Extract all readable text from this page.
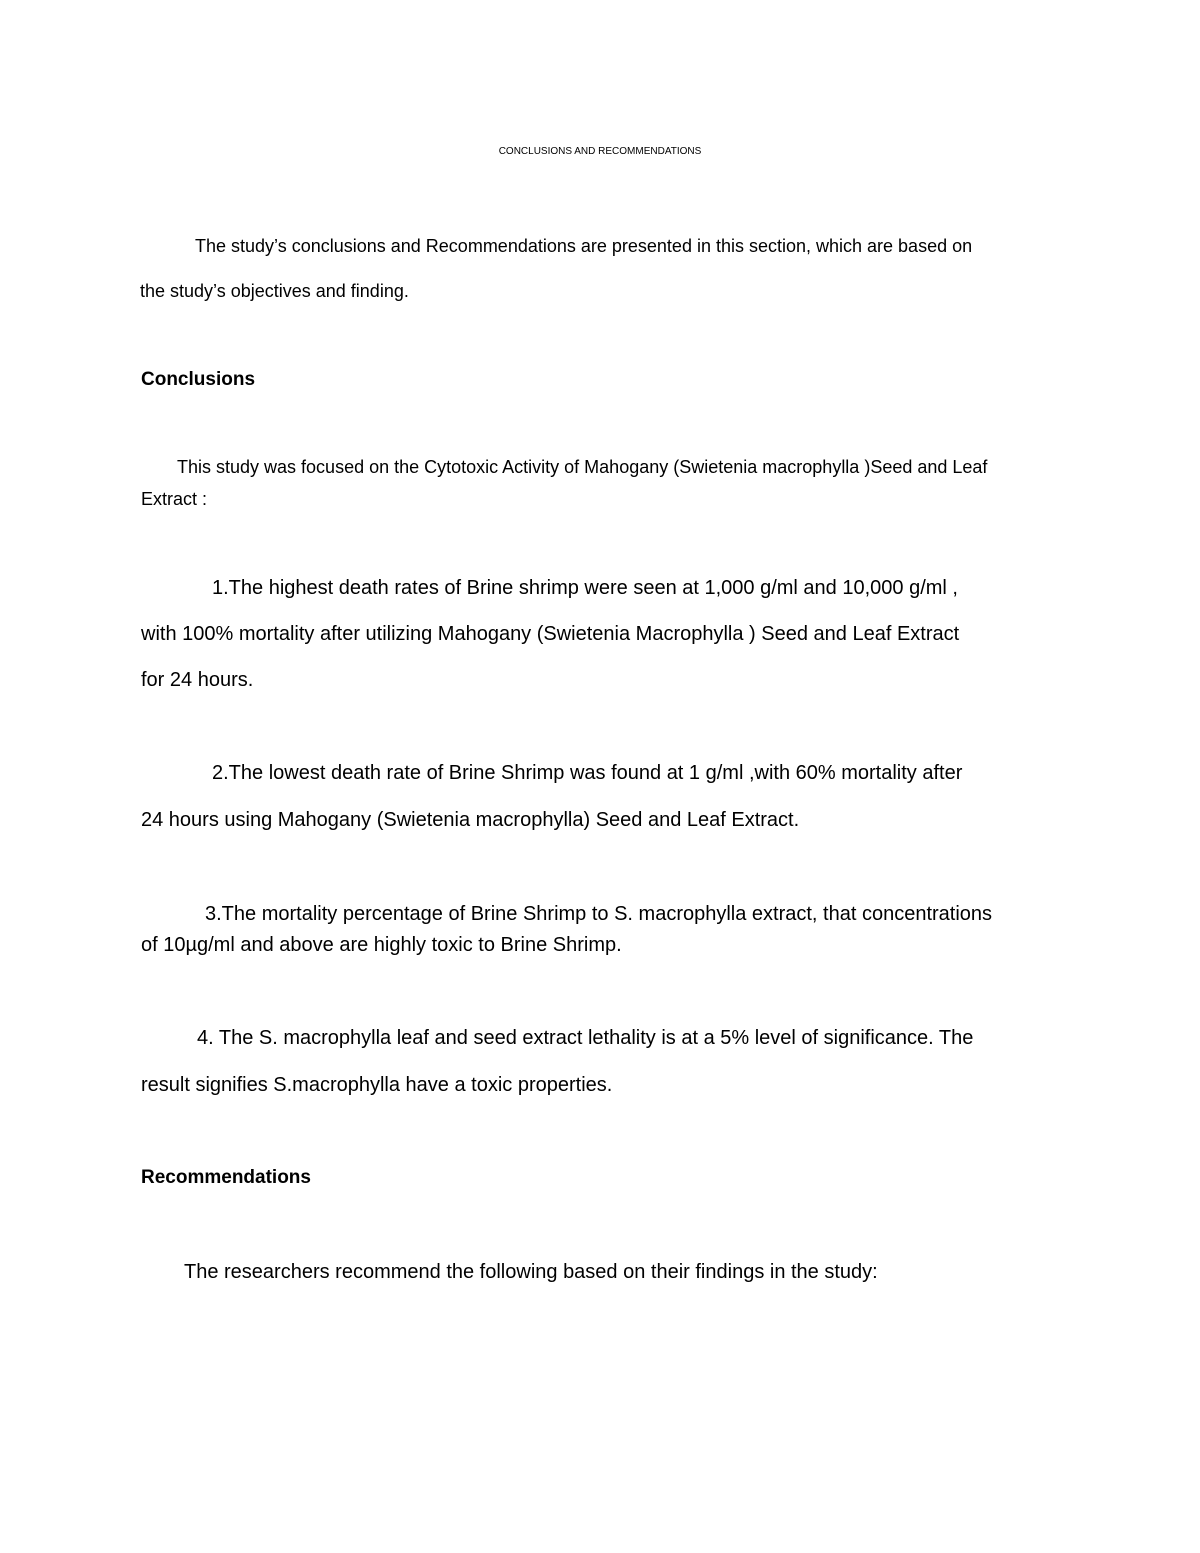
CONCLUSIONS AND RECOMMENDATIONS

The study’s conclusions and Recommendations are presented in this section, which are based on

the study’s objectives and finding.

Conclusions

This study was focused on the Cytotoxic Activity of Mahogany (Swietenia macrophylla )Seed and Leaf

Extract :

1.The highest death rates of Brine shrimp were seen at 1,000 g/ml and 10,000 g/ml ,

with 100% mortality after utilizing Mahogany (Swietenia Macrophylla ) Seed and Leaf Extract

for 24 hours.

2.The lowest death rate of Brine Shrimp was found at 1 g/ml ,with 60% mortality after

24 hours using Mahogany (Swietenia macrophylla) Seed and Leaf Extract.

3.The mortality percentage of Brine Shrimp to S. macrophylla extract, that concentrations

of 10µg/ml and above are highly toxic to Brine Shrimp.

4. The S. macrophylla leaf and seed extract lethality is at a 5% level of significance. The

result signifies S.macrophylla have a toxic properties.

Recommendations

The researchers recommend the following based on their findings in the study:
